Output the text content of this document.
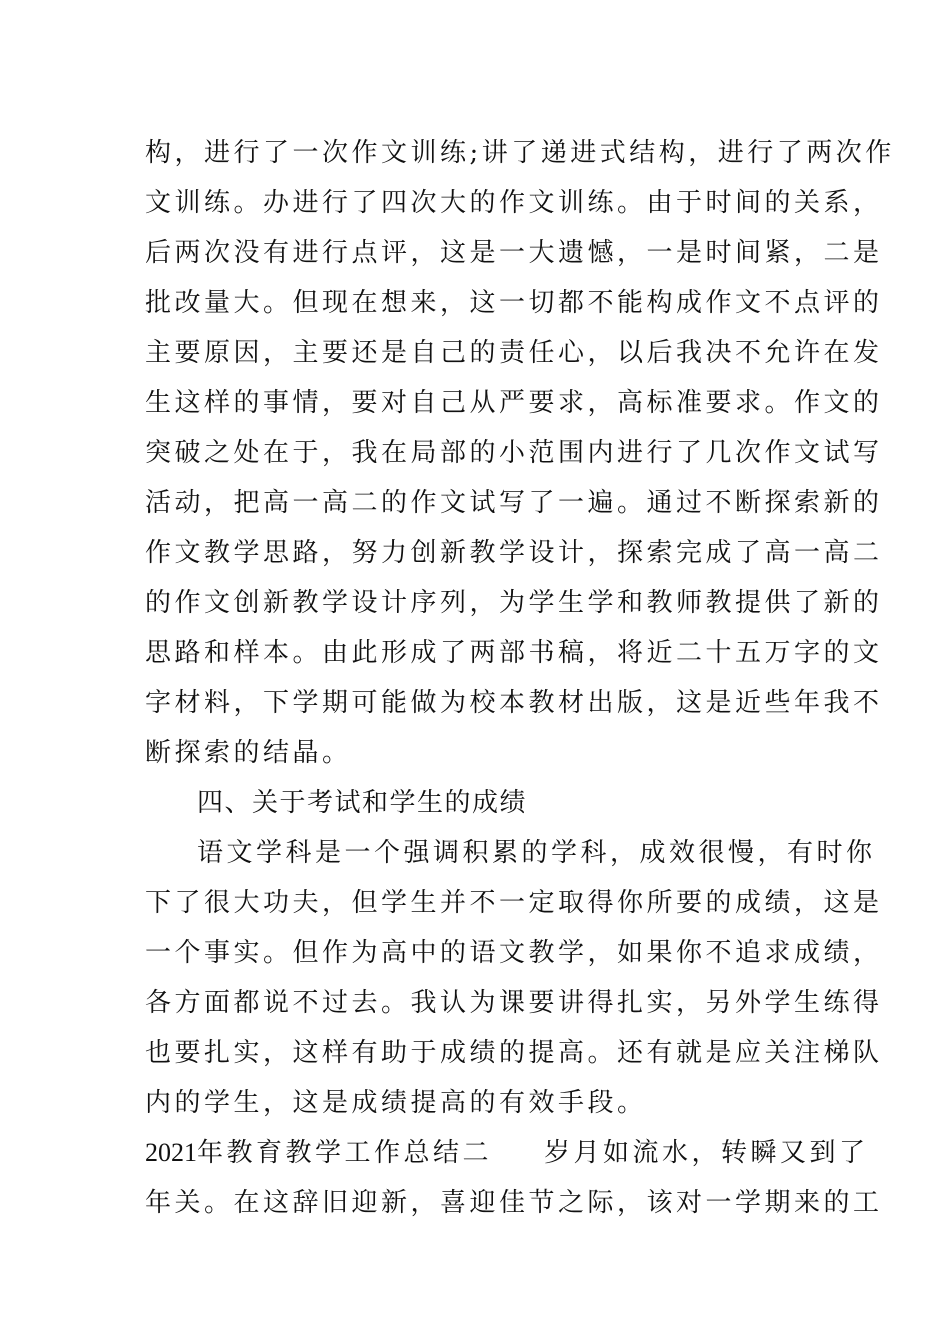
构，进行了一次作文训练;讲了递进式结构，进行了两次作
文训练。办进行了四次大的作文训练。由于时间的关系，
后两次没有进行点评，这是一大遗憾，一是时间紧，二是
批改量大。但现在想来，这一切都不能构成作文不点评的
主要原因，主要还是自己的责任心，以后我决不允许在发
生这样的事情，要对自己从严要求，高标准要求。作文的
突破之处在于，我在局部的小范围内进行了几次作文试写
活动，把高一高二的作文试写了一遍。通过不断探索新的
作文教学思路，努力创新教学设计，探索完成了高一高二
的作文创新教学设计序列，为学生学和教师教提供了新的
思路和样本。由此形成了两部书稿，将近二十五万字的文
字材料，下学期可能做为校本教材出版，这是近些年我不
断探索的结晶。
四、关于考试和学生的成绩
语文学科是一个强调积累的学科，成效很慢，有时你
下了很大功夫，但学生并不一定取得你所要的成绩，这是
一个事实。但作为高中的语文教学，如果你不追求成绩，
各方面都说不过去。我认为课要讲得扎实，另外学生练得
也要扎实，这样有助于成绩的提高。还有就是应关注梯队
内的学生，这是成绩提高的有效手段。
2021年教育教学工作总结二 岁月如流水，转瞬又到了
年关。在这辞旧迎新，喜迎佳节之际，该对一学期来的工
